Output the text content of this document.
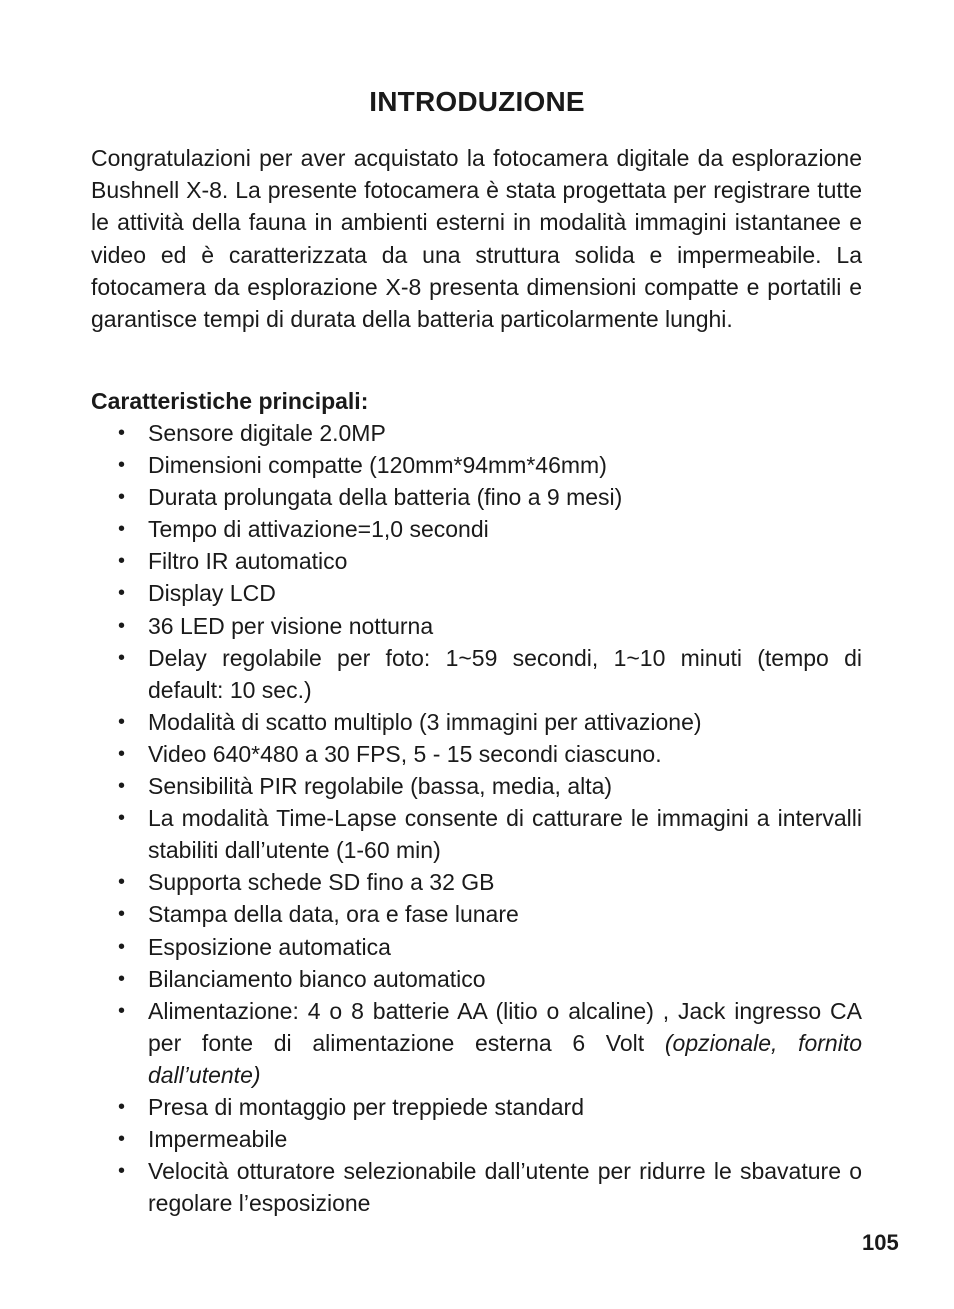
INTRODUZIONE

Congratulazioni per aver acquistato la fotocamera digitale da esplorazione Bushnell X-8. La presente fotocamera è stata progettata per registrare tutte le attività della fauna in ambienti esterni in modalità immagini istantanee e video ed è caratterizzata da una struttura solida e impermeabile. La fotocamera da esplorazione X-8 presenta dimensioni compatte e portatili e garantisce tempi di durata della batteria particolarmente lunghi.

Caratteristiche principali:

• Sensore digitale 2.0MP
• Dimensioni compatte (120mm*94mm*46mm)
• Durata prolungata della batteria (fino a 9 mesi)
• Tempo di attivazione=1,0 secondi
• Filtro IR automatico
• Display LCD
• 36 LED per visione notturna
• Delay regolabile per foto: 1~59 secondi, 1~10 minuti (tempo di default: 10 sec.)
• Modalità di scatto multiplo (3 immagini per attivazione)
• Video 640*480 a 30 FPS, 5 - 15 secondi ciascuno.
• Sensibilità PIR regolabile (bassa, media, alta)
• La modalità Time-Lapse consente di catturare le immagini a intervalli stabiliti dall’utente (1-60 min)
• Supporta schede SD fino a 32 GB
• Stampa della data, ora e fase lunare
• Esposizione automatica
• Bilanciamento bianco automatico
• Alimentazione: 4 o 8 batterie AA (litio o alcaline) , Jack ingresso CA per fonte di alimentazione esterna 6 Volt (opzionale, fornito dall’utente)
• Presa di montaggio per treppiede standard
• Impermeabile
• Velocità otturatore selezionabile dall’utente per ridurre le sbavature o regolare l’esposizione

105
